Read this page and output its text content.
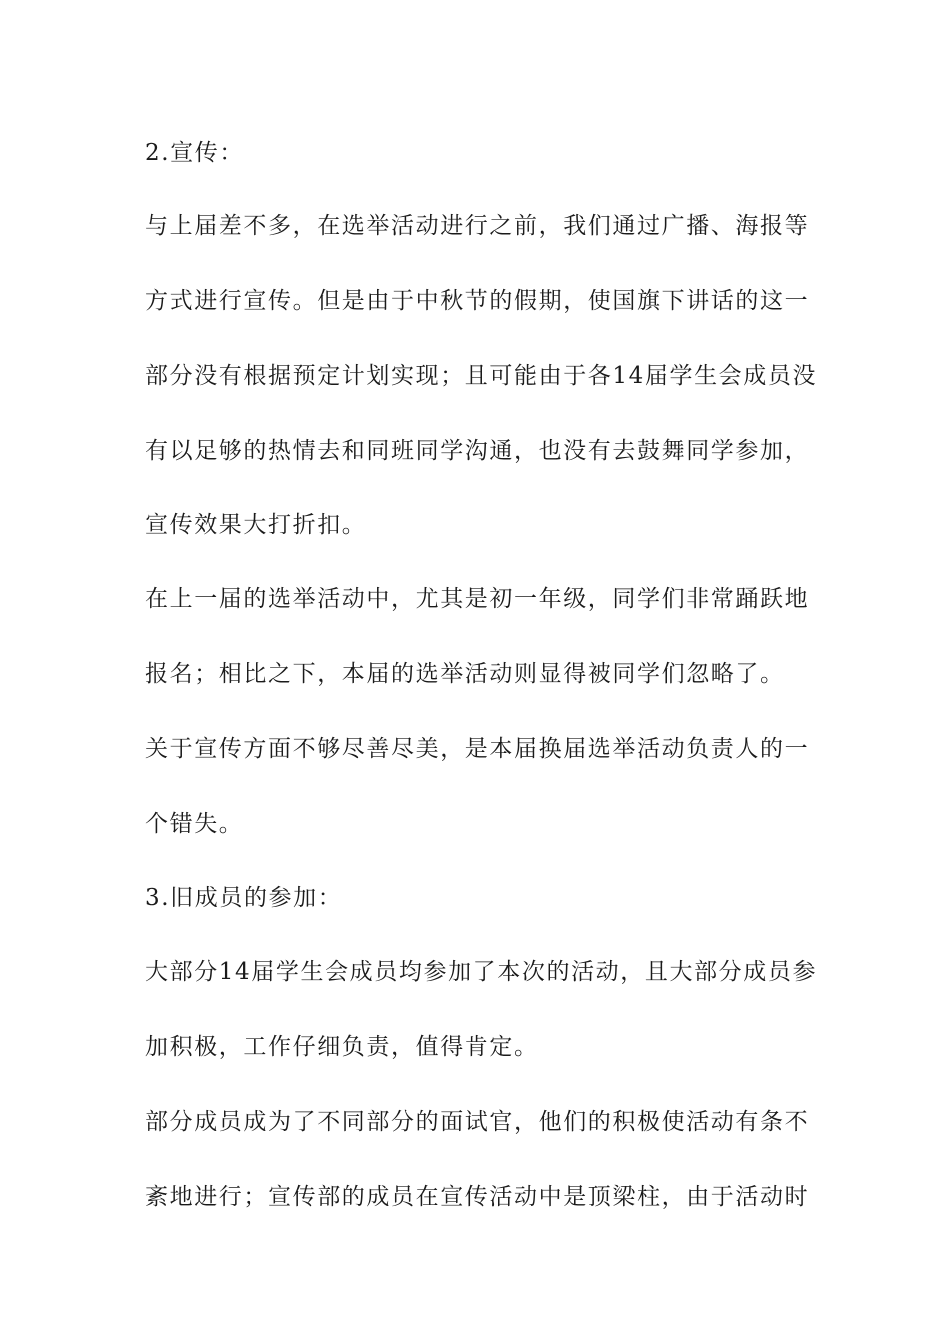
2.宣传：
与上届差不多，在选举活动进行之前，我们通过广播、海报等
方式进行宣传。但是由于中秋节的假期，使国旗下讲话的这一
部分没有根据预定计划实现；且可能由于各14届学生会成员没
有以足够的热情去和同班同学沟通，也没有去鼓舞同学参加，
宣传效果大打折扣。
在上一届的选举活动中，尤其是初一年级，同学们非常踊跃地
报名；相比之下，本届的选举活动则显得被同学们忽略了。
关于宣传方面不够尽善尽美，是本届换届选举活动负责人的一
个错失。
3.旧成员的参加：
大部分14届学生会成员均参加了本次的活动，且大部分成员参
加积极，工作仔细负责，值得肯定。
部分成员成为了不同部分的面试官，他们的积极使活动有条不
紊地进行；宣传部的成员在宣传活动中是顶梁柱，由于活动时
